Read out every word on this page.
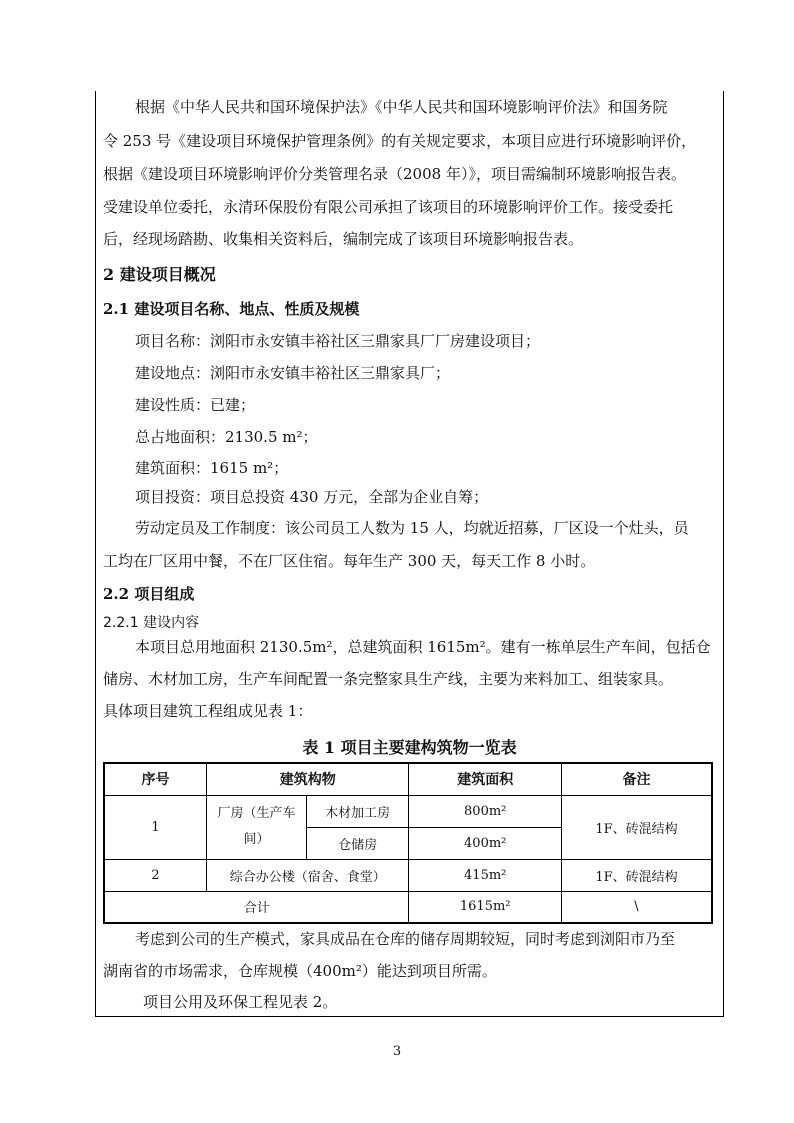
根据《中华人民共和国环境保护法》《中华人民共和国环境影响评价法》和国务院
令 253 号《建设项目环境保护管理条例》的有关规定要求，本项目应进行环境影响评价，
根据《建设项目环境影响评价分类管理名录（2008 年）》，项目需编制环境影响报告表。
受建设单位委托，永清环保股份有限公司承担了该项目的环境影响评价工作。接受委托
后，经现场踏勘、收集相关资料后，编制完成了该项目环境影响报告表。
2 建设项目概况
2.1 建设项目名称、地点、性质及规模
项目名称：浏阳市永安镇丰裕社区三鼎家具厂厂房建设项目；
建设地点：浏阳市永安镇丰裕社区三鼎家具厂；
建设性质：已建；
总占地面积：2130.5 m²；
建筑面积：1615 m²；
项目投资：项目总投资 430 万元，全部为企业自筹；
劳动定员及工作制度：该公司员工人数为 15 人，均就近招募，厂区设一个灶头，员
工均在厂区用中餐，不在厂区住宿。每年生产 300 天，每天工作 8 小时。
2.2 项目组成
2.2.1 建设内容
本项目总用地面积 2130.5m²，总建筑面积 1615m²。建有一栋单层生产车间，包括仓
储房、木材加工房，生产车间配置一条完整家具生产线，主要为来料加工、组装家具。
具体项目建筑工程组成见表 1：
表 1 项目主要建构筑物一览表
序号	建筑构物		建筑面积	备注
1	厂房（生产车间）	木材加工房	800m²	1F、砖混结构
		仓储房	400m²	
2	综合办公楼（宿舍、食堂）		415m²	1F、砖混结构
合计			1615m²	\
考虑到公司的生产模式，家具成品在仓库的储存周期较短，同时考虑到浏阳市乃至
湖南省的市场需求，仓库规模（400m²）能达到项目所需。
项目公用及环保工程见表 2。
3
